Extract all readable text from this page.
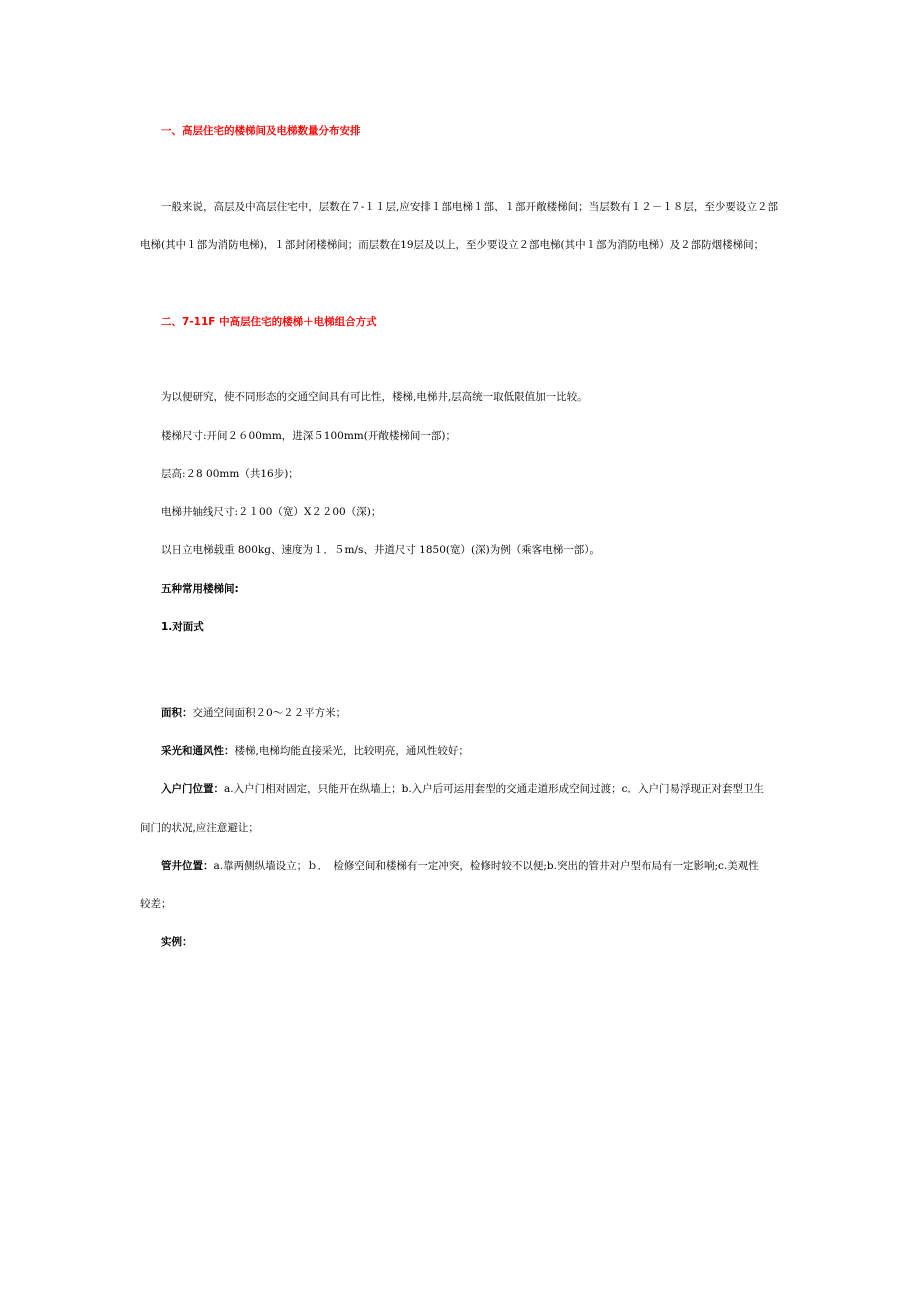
一、高层住宅的楼梯间及电梯数量分布安排
一般来说，高层及中高层住宅中，层数在７-１１层,应安排１部电梯１部、１部开敞楼梯间；当层数有１２－１８层，至少要设立２部
电梯(其中１部为消防电梯)，１部封闭楼梯间；而层数在19层及以上，至少要设立２部电梯(其中１部为消防电梯）及２部防烟楼梯间；
二、7-11F 中高层住宅的楼梯＋电梯组合方式
为以便研究，使不同形态的交通空间具有可比性，楼梯,电梯井,层高统一取低限值加一比较。
楼梯尺寸:开间２６00mm，进深５100mm(开敞楼梯间一部)；
层高:２8 00mm（共16步)；
电梯井轴线尺寸:２１00（宽）X２２00（深)；
以日立电梯载重 800kg、速度为１．５m/s、井道尺寸 1850(宽）(深)为例（乘客电梯一部）。
五种常用楼梯间:
1.对面式
面积：交通空间面积２0～２２平方米；
采光和通风性：楼梯,电梯均能直接采光，比较明亮，通风性较好；
入户门位置：a.入户门相对固定，只能开在纵墙上；b.入户后可运用套型的交通走道形成空间过渡；c．入户门易浮现正对套型卫生
间门的状况,应注意避让；
管井位置：a.靠两侧纵墙设立；ｂ．　检修空间和楼梯有一定冲突，检修时较不以便;b.突出的管井对户型布局有一定影响;c.美观性
较差；
实例：
